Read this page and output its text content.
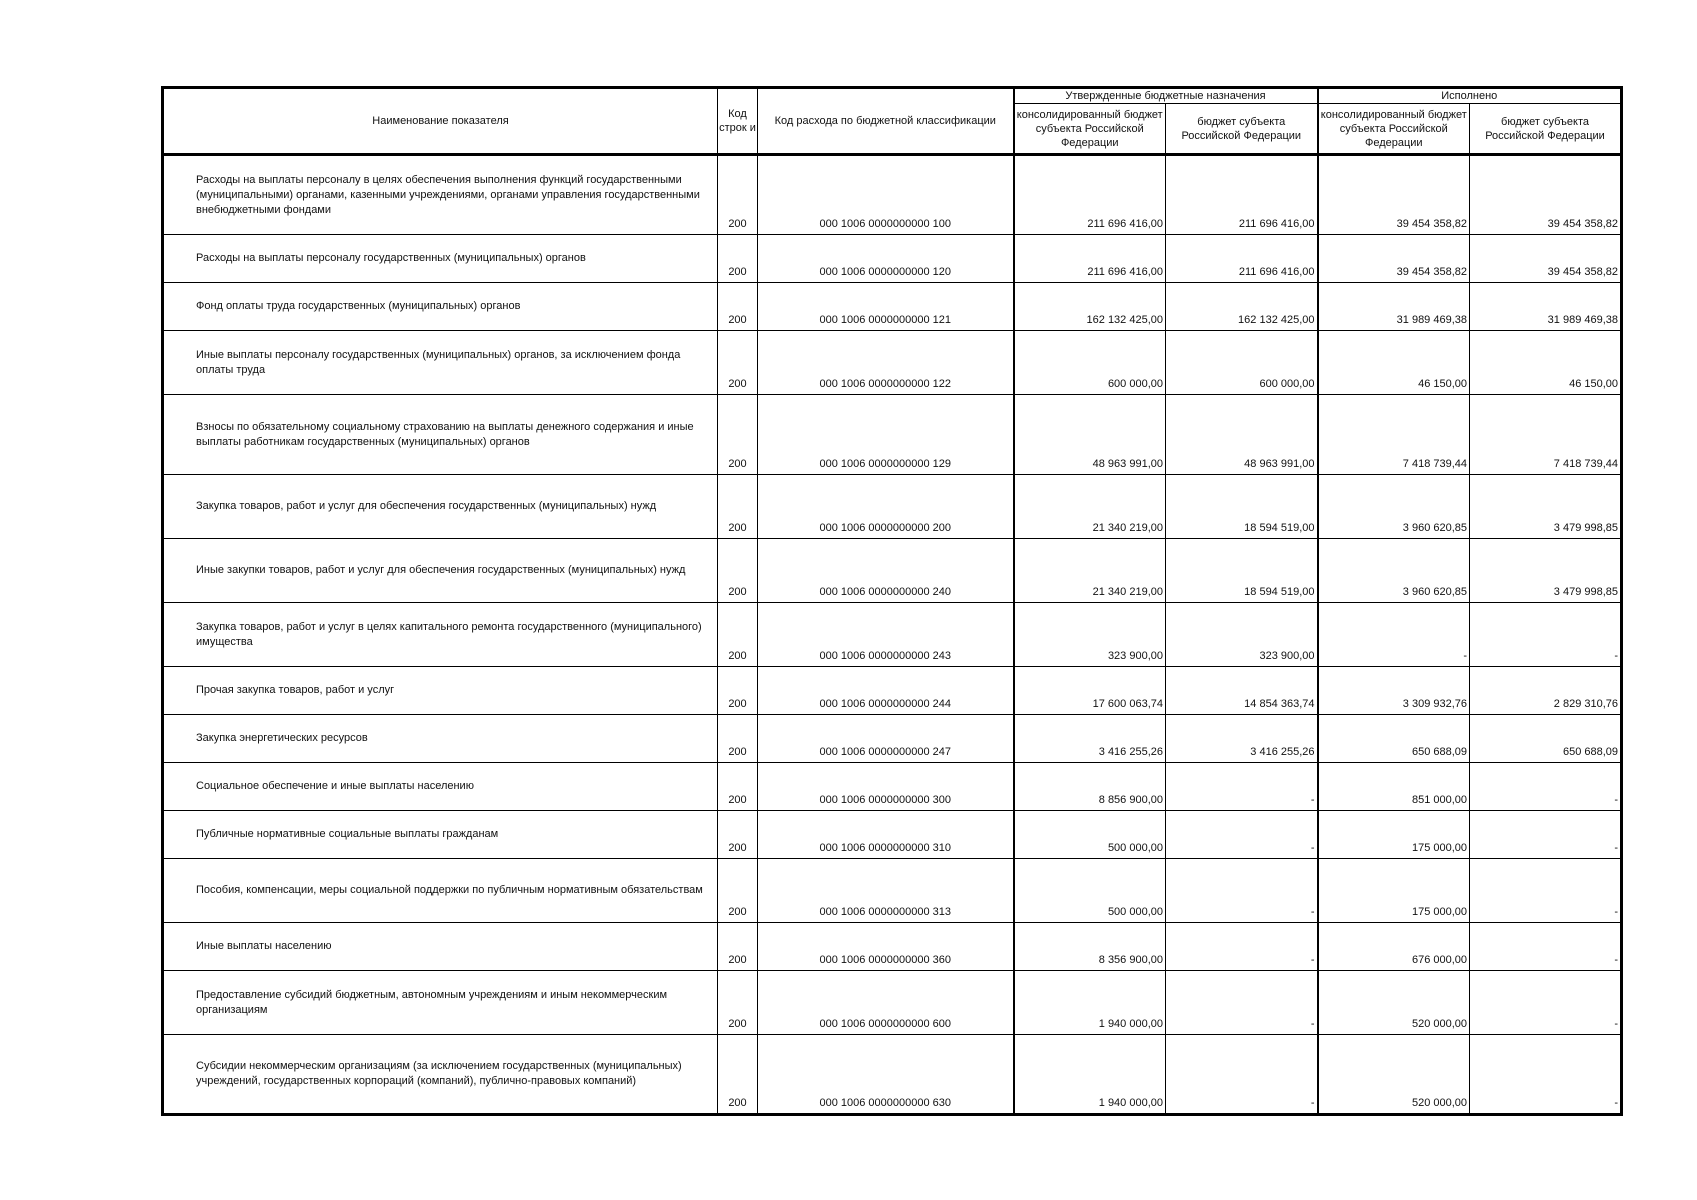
Наименование показателя	Код строк и	Код расхода по бюджетной классификации	Утвержденные бюджетные назначения		Исполнено	
			консолидированный бюджет субъекта Российской Федерации	бюджет субъекта Российской Федерации	консолидированный бюджет субъекта Российской Федерации	бюджет субъекта Российской Федерации
Расходы на выплаты персоналу в целях обеспечения выполнения функций государственными (муниципальными) органами, казенными учреждениями, органами управления государственными внебюджетными фондами	200	000 1006 0000000000 100	211 696 416,00	211 696 416,00	39 454 358,82	39 454 358,82
Расходы на выплаты персоналу государственных (муниципальных) органов	200	000 1006 0000000000 120	211 696 416,00	211 696 416,00	39 454 358,82	39 454 358,82
Фонд оплаты труда государственных (муниципальных) органов	200	000 1006 0000000000 121	162 132 425,00	162 132 425,00	31 989 469,38	31 989 469,38
Иные выплаты персоналу государственных (муниципальных) органов, за исключением фонда оплаты труда	200	000 1006 0000000000 122	600 000,00	600 000,00	46 150,00	46 150,00
Взносы по обязательному социальному страхованию на выплаты денежного содержания и иные выплаты работникам государственных (муниципальных) органов	200	000 1006 0000000000 129	48 963 991,00	48 963 991,00	7 418 739,44	7 418 739,44
Закупка товаров, работ и услуг для обеспечения государственных (муниципальных) нужд	200	000 1006 0000000000 200	21 340 219,00	18 594 519,00	3 960 620,85	3 479 998,85
Иные закупки товаров, работ и услуг для обеспечения государственных (муниципальных) нужд	200	000 1006 0000000000 240	21 340 219,00	18 594 519,00	3 960 620,85	3 479 998,85
Закупка товаров, работ и услуг в целях капитального ремонта государственного (муниципального) имущества	200	000 1006 0000000000 243	323 900,00	323 900,00	-	-
Прочая закупка товаров, работ и услуг	200	000 1006 0000000000 244	17 600 063,74	14 854 363,74	3 309 932,76	2 829 310,76
Закупка энергетических ресурсов	200	000 1006 0000000000 247	3 416 255,26	3 416 255,26	650 688,09	650 688,09
Социальное обеспечение и иные выплаты населению	200	000 1006 0000000000 300	8 856 900,00	-	851 000,00	-
Публичные нормативные социальные выплаты гражданам	200	000 1006 0000000000 310	500 000,00	-	175 000,00	-
Пособия, компенсации, меры социальной поддержки по публичным нормативным обязательствам	200	000 1006 0000000000 313	500 000,00	-	175 000,00	-
Иные выплаты населению	200	000 1006 0000000000 360	8 356 900,00	-	676 000,00	-
Предоставление субсидий бюджетным, автономным учреждениям и иным некоммерческим организациям	200	000 1006 0000000000 600	1 940 000,00	-	520 000,00	-
Субсидии некоммерческим организациям (за исключением государственных (муниципальных) учреждений, государственных корпораций (компаний), публично-правовых компаний)	200	000 1006 0000000000 630	1 940 000,00	-	520 000,00	-
